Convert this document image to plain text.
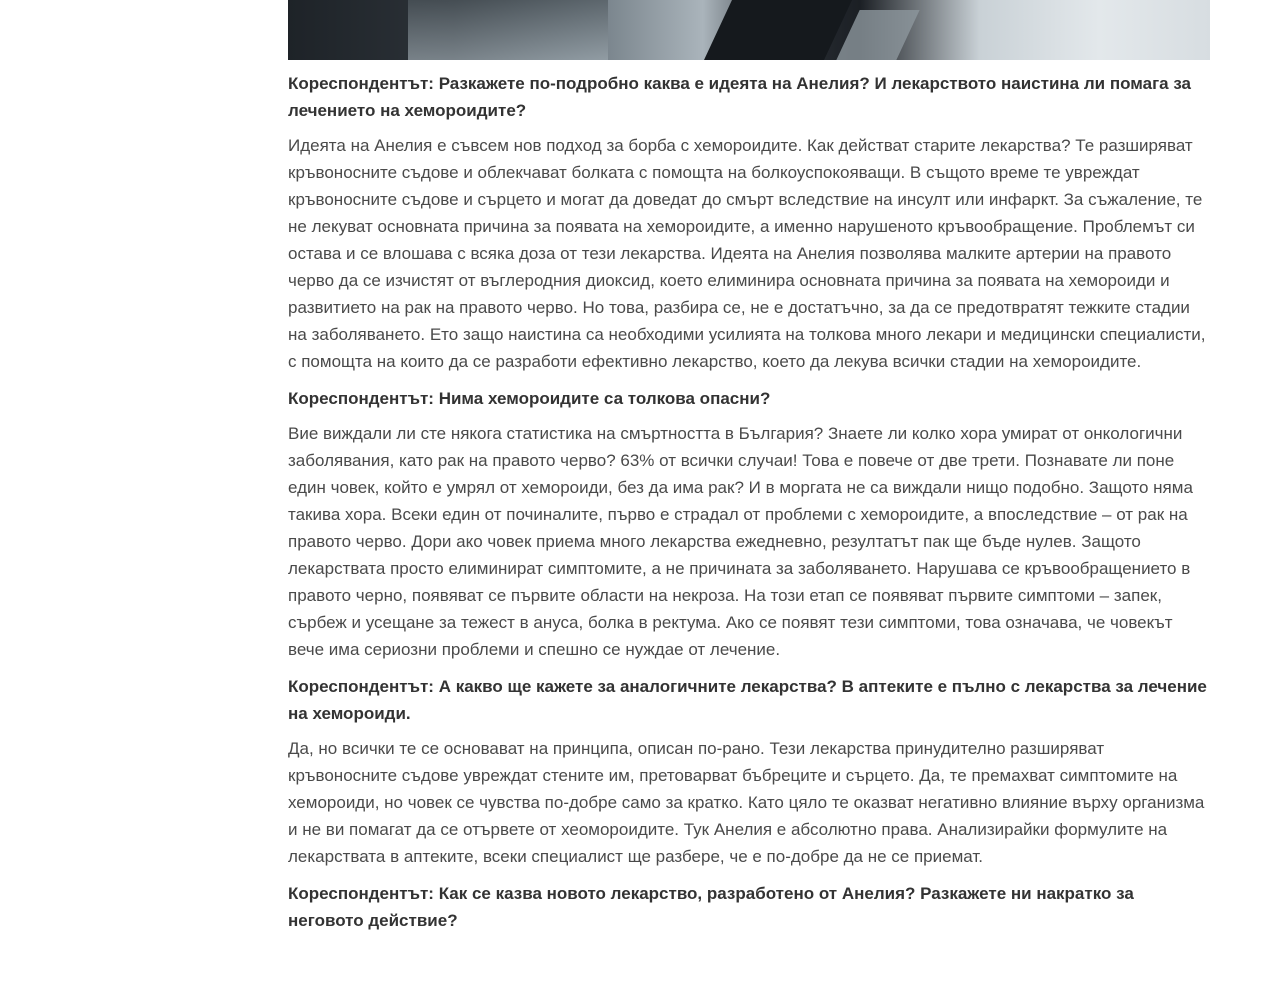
Кореспондентът: Разкажете по-подробно каква е идеята на Анелия? И лекарството наистина ли помага за лечението на хемороидите?

Идеята на Анелия е съвсем нов подход за борба с хемороидите. Как действат старите лекарства? Те разширяват кръвоносните съдове и облекчават болката с помощта на болкоуспокояващи. В същото време те увреждат кръвоносните съдове и сърцето и могат да доведат до смърт вследствие на инсулт или инфаркт. За съжаление, те не лекуват основната причина за появата на хемороидите, а именно нарушеното кръвообращение. Проблемът си остава и се влошава с всяка доза от тези лекарства. Идеята на Анелия позволява малките артерии на правото черво да се изчистят от въглеродния диоксид, което елиминира основната причина за появата на хемороиди и развитието на рак на правото черво. Но това, разбира се, не е достатъчно, за да се предотвратят тежките стадии на заболяването. Ето защо наистина са необходими усилията на толкова много лекари и медицински специалисти, с помощта на които да се разработи ефективно лекарство, което да лекува всички стадии на хемороидите.

Кореспондентът: Нима хемороидите са толкова опасни?

Вие виждали ли сте някога статистика на смъртността в България? Знаете ли колко хора умират от онкологични заболявания, като рак на правото черво? 63% от всички случаи! Това е повече от две трети. Познавате ли поне един човек, който е умрял от хемороиди, без да има рак? И в моргата не са виждали нищо подобно. Защото няма такива хора. Всеки един от починалите, първо е страдал от проблеми с хемороидите, а впоследствие – от рак на правото черво. Дори ако човек приема много лекарства ежедневно, резултатът пак ще бъде нулев. Защото лекарствата просто елиминират симптомите, а не причината за заболяването. Нарушава се кръвообращението в правото черно, появяват се първите области на некроза. На този етап се появяват първите симптоми – запек, сърбеж и усещане за тежест в ануса, болка в ректума. Ако се появят тези симптоми, това означава, че човекът вече има сериозни проблеми и спешно се нуждае от лечение.

Кореспондентът: А какво ще кажете за аналогичните лекарства? В аптеките е пълно с лекарства за лечение на хемороиди.

Да, но всички те се основават на принципа, описан по-рано. Тези лекарства принудително разширяват кръвоносните съдове увреждат стените им, претоварват бъбреците и сърцето. Да, те премахват симптомите на хемороиди, но човек се чувства по-добре само за кратко. Като цяло те оказват негативно влияние върху организма и не ви помагат да се отървете от хеомороидите. Тук Анелия е абсолютно права. Анализирайки формулите на лекарствата в аптеките, всеки специалист ще разбере, че е по-добре да не се приемат.

Кореспондентът: Как се казва новото лекарство, разработено от Анелия? Разкажете ни накратко за неговото действие?
